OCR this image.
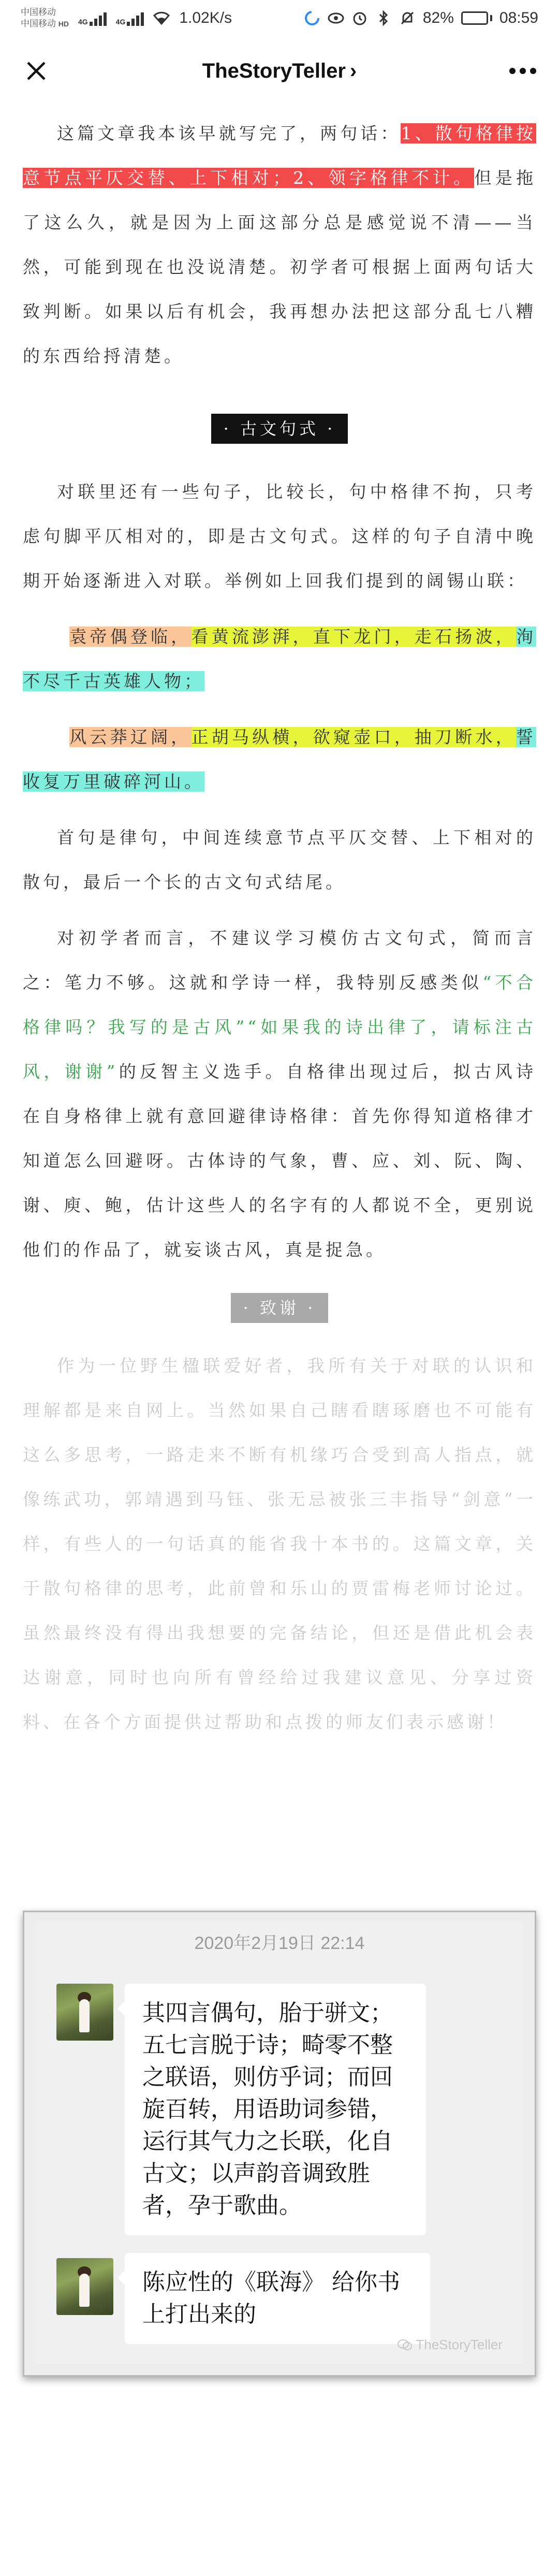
中国移动
中国移动 HD 4G	4G	1.02K/s	82%	08:59
TheStoryTeller ›

这篇文章我本该早就写完了，两句话：1、散句格律按意节点平仄交替、上下相对；2、领字格律不计。但是拖了这么久，就是因为上面这部分总是感觉说不清——当然，可能到现在也没说清楚。初学者可根据上面两句话大致判断。如果以后有机会，我再想办法把这部分乱七八糟的东西给捋清楚。

· 古文句式 ·

对联里还有一些句子，比较长，句中格律不拘，只考虑句脚平仄相对的，即是古文句式。这样的句子自清中晚期开始逐渐进入对联。举例如上回我们提到的阔锡山联：

袁帝偶登临，看黄流澎湃，直下龙门，走石扬波，洵不尽千古英雄人物；

风云莽辽阔，正胡马纵横，欲窥壶口，抽刀断水，誓收复万里破碎河山。

首句是律句，中间连续意节点平仄交替、上下相对的散句，最后一个长的古文句式结尾。

对初学者而言，不建议学习模仿古文句式，简而言之：笔力不够。这就和学诗一样，我特别反感类似“不合格律吗？我写的是古风”“如果我的诗出律了，请标注古风，谢谢”的反智主义选手。自格律出现过后，拟古风诗在自身格律上就有意回避律诗格律：首先你得知道格律才知道怎么回避呀。古体诗的气象，曹、应、刘、阮、陶、谢、庾、鲍，估计这些人的名字有的人都说不全，更别说他们的作品了，就妄谈古风，真是捉急。

· 致谢 ·

作为一位野生楹联爱好者，我所有关于对联的认识和理解都是来自网上。当然如果自己瞎看瞎琢磨也不可能有这么多思考，一路走来不断有机缘巧合受到高人指点，就像练武功，郭靖遇到马钰、张无忌被张三丰指导“剑意”一样，有些人的一句话真的能省我十本书的。这篇文章，关于散句格律的思考，此前曾和乐山的贾雷梅老师讨论过。虽然最终没有得出我想要的完备结论，但还是借此机会表达谢意，同时也向所有曾经给过我建议意见、分享过资料、在各个方面提供过帮助和点拨的师友们表示感谢！

2020年2月19日 22:14
其四言偶句，胎于骈文；五七言脱于诗；畸零不整之联语，则仿乎词；而回旋百转，用语助词参错，运行其气力之长联，化自古文；以声韵音调致胜者，孕于歌曲。
陈应性的《联海》 给你书上打出来的
TheStoryTeller
